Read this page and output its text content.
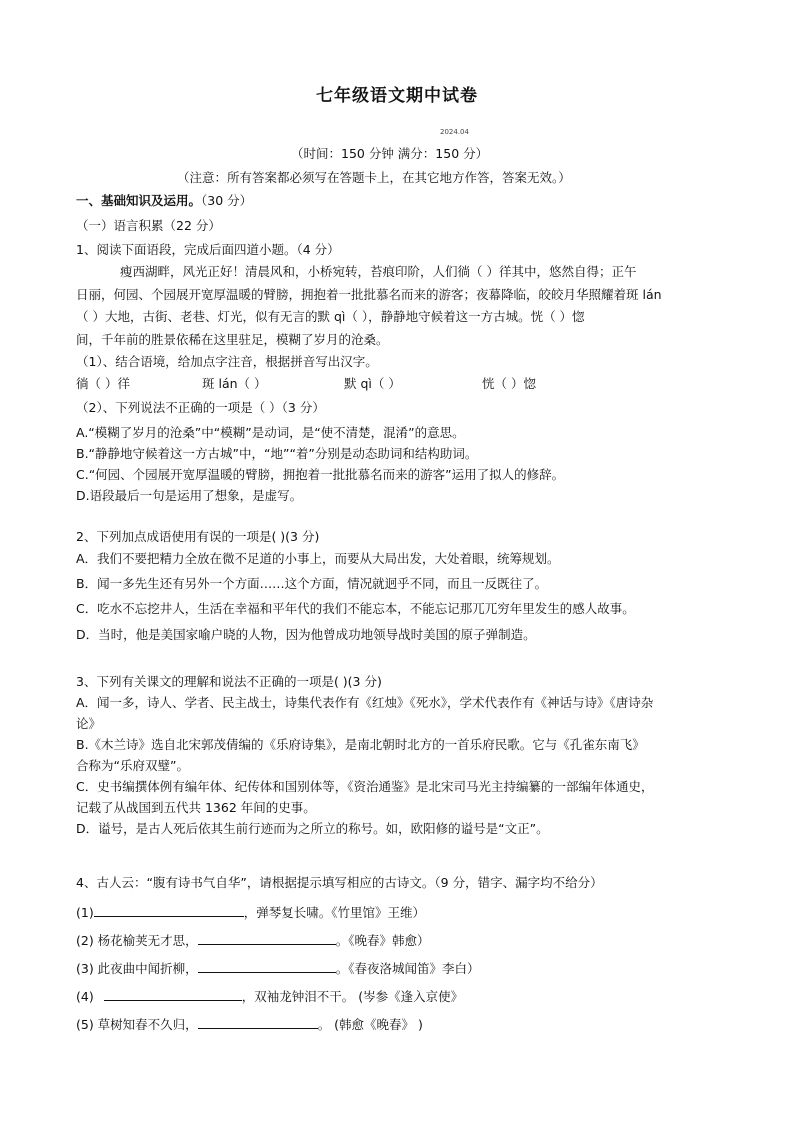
七年级语文期中试卷
2024.04
（时间：150 分钟 满分：150 分）
（注意：所有答案都必须写在答题卡上，在其它地方作答，答案无效。）
一、基础知识及运用。（30 分）
（一）语言积累（22 分）
1、阅读下面语段，完成后面四道小题。（4 分）
瘦西湖畔，风光正好！清晨风和，小桥宛转，苔痕印阶，人们徜（ ）徉其中，悠然自得；正午
日丽，何园、个园展开宽厚温暖的臂膀，拥抱着一批批慕名而来的游客；夜幕降临，皎皎月华照耀着斑 lán
（ ）大地，古街、老巷、灯光，似有无言的默 qì（ ），静静地守候着这一方古城。恍（ ）惚
间，千年前的胜景依稀在这里驻足，模糊了岁月的沧桑。
（1）、结合语境，给加点字注音，根据拼音写出汉字。
徜（ ）徉	斑 lán（ ）	默 qì（ ）	恍（ ）惚
（2）、下列说法不正确的一项是（ ）（3 分）
A.“模糊了岁月的沧桑”中“模糊”是动词，是“使不清楚，混淆”的意思。
B.“静静地守候着这一方古城”中，“地”“着”分别是动态助词和结构助词。
C.“何园、个园展开宽厚温暖的臂膀，拥抱着一批批慕名而来的游客”运用了拟人的修辞。
D.语段最后一句是运用了想象，是虚写。
2、下列加点成语使用有误的一项是( )(3 分)
A．我们不要把精力全放在微不足道的小事上，而要从大局出发，大处着眼，统筹规划。
B．闻一多先生还有另外一个方面……这个方面，情况就迥乎不同，而且一反既往了。
C．吃水不忘挖井人，生活在幸福和平年代的我们不能忘本，不能忘记那兀兀穷年里发生的感人故事。
D．当时，他是美国家喻户晓的人物，因为他曾成功地领导战时美国的原子弹制造。
3、下列有关课文的理解和说法不正确的一项是( )(3 分)
A．闻一多，诗人、学者、民主战士，诗集代表作有《红烛》《死水》，学术代表作有《神话与诗》《唐诗杂
论》
B.《木兰诗》选自北宋郭茂倩编的《乐府诗集》，是南北朝时北方的一首乐府民歌。它与《孔雀东南飞》
合称为“乐府双璧”。
C．史书编撰体例有编年体、纪传体和国别体等，《资治通鉴》是北宋司马光主持编纂的一部编年体通史，
记载了从战国到五代共 1362 年间的史事。
D．谥号，是古人死后依其生前行迹而为之所立的称号。如，欧阳修的谥号是“文正”。
4、古人云：“腹有诗书气自华”，请根据提示填写相应的古诗文。（9 分，错字、漏字均不给分）
(1)	，弹琴复长啸。《竹里馆》王维）
(2) 杨花榆荚无才思，	。《晚春》韩愈）
(3) 此夜曲中闻折柳，	。《春夜洛城闻笛》李白）
(4)	，双袖龙钟泪不干。 (岑参《逢入京使》
(5) 草树知春不久归，	。 (韩愈《晚春》 )
